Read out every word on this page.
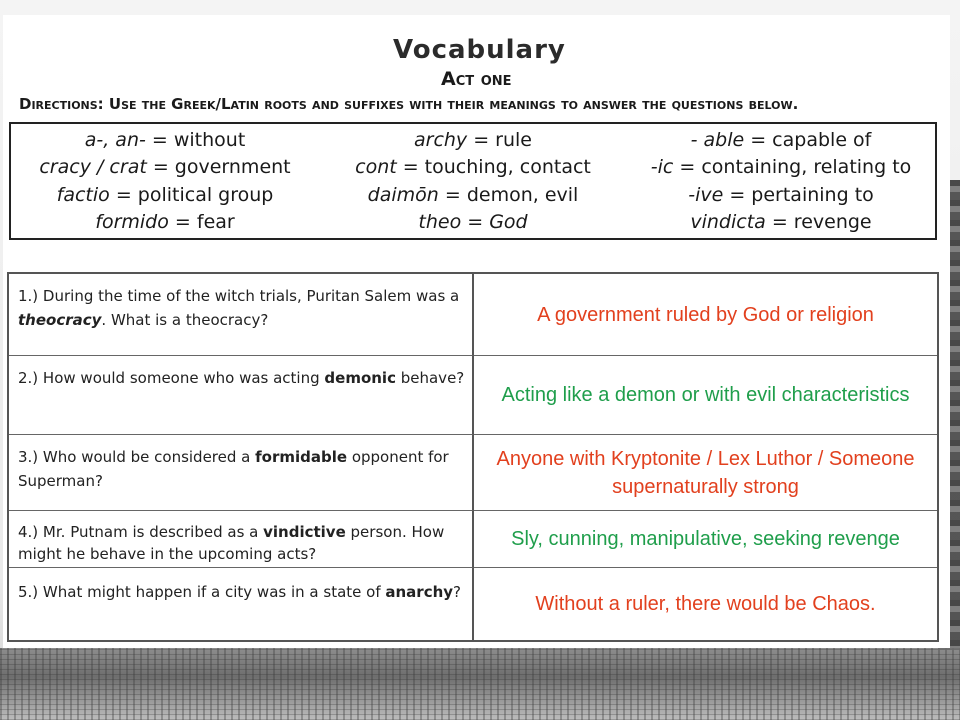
Vocabulary
Act one

Directions: Use the Greek/Latin roots and suffixes with their meanings to answer the questions below.

a-, an- = without
cracy / crat = government
factio = political group
formido = fear
archy = rule
cont = touching, contact
daimōn = demon, evil
theo = God
- able = capable of
-ic = containing, relating to
-ive = pertaining to
vindicta = revenge
1.) During the time of the witch trials, Puritan Salem was a theocracy. What is a theocracy?	A government ruled by God or religion
2.) How would someone who was acting demonic behave?
Acting like a demon or with evil characteristics
3.) Who would be considered a formidable opponent for Superman?
Anyone with Kryptonite / Lex Luthor / Someone supernaturally strong
4.) Mr. Putnam is described as a vindictive person. How might he behave in the upcoming acts?
Sly, cunning, manipulative, seeking revenge
5.) What might happen if a city was in a state of anarchy?
Without a ruler, there would be Chaos.
